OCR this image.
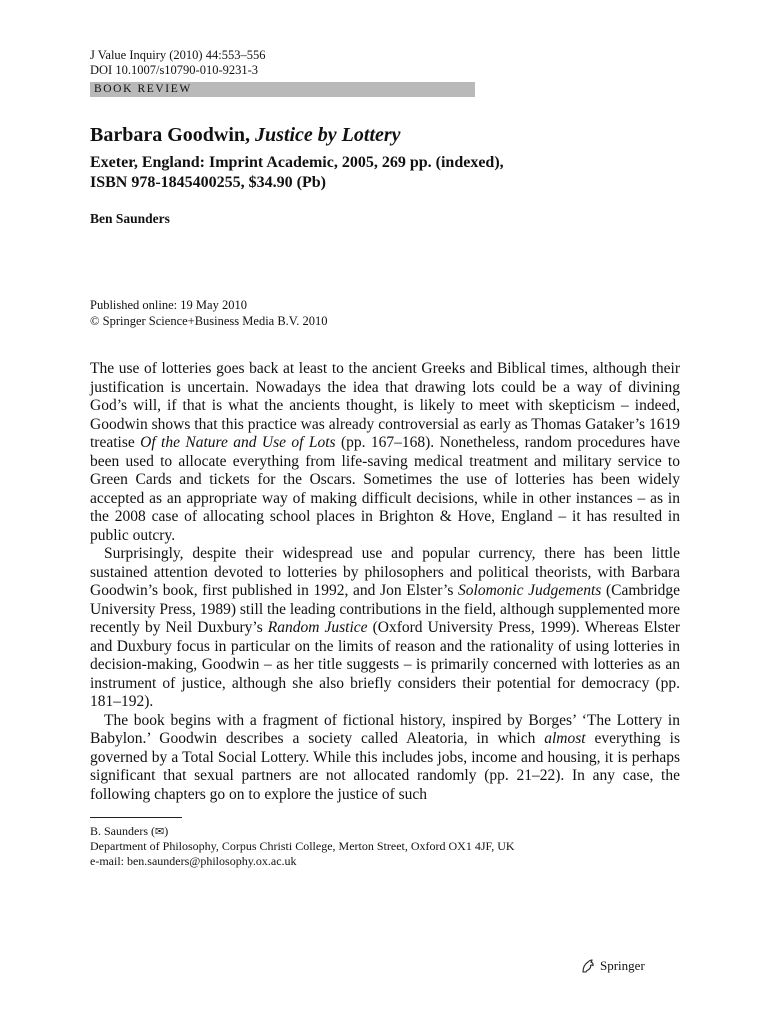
J Value Inquiry (2010) 44:553–556
DOI 10.1007/s10790-010-9231-3
BOOK REVIEW
Barbara Goodwin, Justice by Lottery
Exeter, England: Imprint Academic, 2005, 269 pp. (indexed),
ISBN 978-1845400255, $34.90 (Pb)
Ben Saunders
Published online: 19 May 2010
© Springer Science+Business Media B.V. 2010

The use of lotteries goes back at least to the ancient Greeks and Biblical times, although their justification is uncertain. Nowadays the idea that drawing lots could be a way of divining God’s will, if that is what the ancients thought, is likely to meet with skepticism – indeed, Goodwin shows that this practice was already controversial as early as Thomas Gataker’s 1619 treatise Of the Nature and Use of Lots (pp. 167–168). Nonetheless, random procedures have been used to allocate everything from life-saving medical treatment and military service to Green Cards and tickets for the Oscars. Sometimes the use of lotteries has been widely accepted as an appropriate way of making difficult decisions, while in other instances – as in the 2008 case of allocating school places in Brighton & Hove, England – it has resulted in public outcry.

Surprisingly, despite their widespread use and popular currency, there has been little sustained attention devoted to lotteries by philosophers and political theorists, with Barbara Goodwin’s book, first published in 1992, and Jon Elster’s Solomonic Judgements (Cambridge University Press, 1989) still the leading contributions in the field, although supplemented more recently by Neil Duxbury’s Random Justice (Oxford University Press, 1999). Whereas Elster and Duxbury focus in particular on the limits of reason and the rationality of using lotteries in decision-making, Goodwin – as her title suggests – is primarily concerned with lotteries as an instrument of justice, although she also briefly considers their potential for democracy (pp. 181–192).

The book begins with a fragment of fictional history, inspired by Borges’ ‘The Lottery in Babylon.’ Goodwin describes a society called Aleatoria, in which almost everything is governed by a Total Social Lottery. While this includes jobs, income and housing, it is perhaps significant that sexual partners are not allocated randomly (pp. 21–22). In any case, the following chapters go on to explore the justice of such

B. Saunders (✉)
Department of Philosophy, Corpus Christi College, Merton Street, Oxford OX1 4JF, UK
e-mail: ben.saunders@philosophy.ox.ac.uk
Springer
